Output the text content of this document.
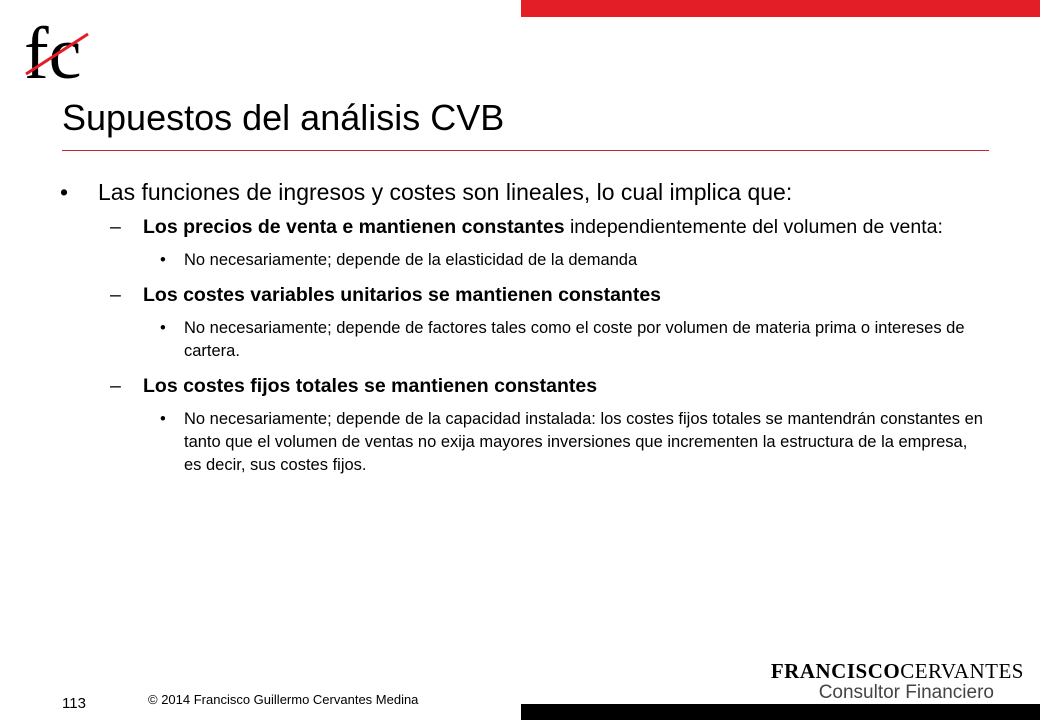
fc
Supuestos del análisis CVB

• Las funciones de ingresos y costes son lineales, lo cual implica que:

– Los precios de venta e mantienen constantes independientemente del volumen de venta:
• No necesariamente; depende de la elasticidad de la demanda
– Los costes variables unitarios se mantienen constantes
• No necesariamente; depende de factores tales como el coste por volumen de materia prima o intereses de cartera.
– Los costes fijos totales se mantienen constantes
• No necesariamente; depende de la capacidad instalada: los costes fijos totales se mantendrán constantes en tanto que el volumen de ventas no exija mayores inversiones que incrementen la estructura de la empresa, es decir, sus costes fijos.
FRANCISCOCERVANTES
Consultor Financiero
113	© 2014 Francisco Guillermo Cervantes Medina
